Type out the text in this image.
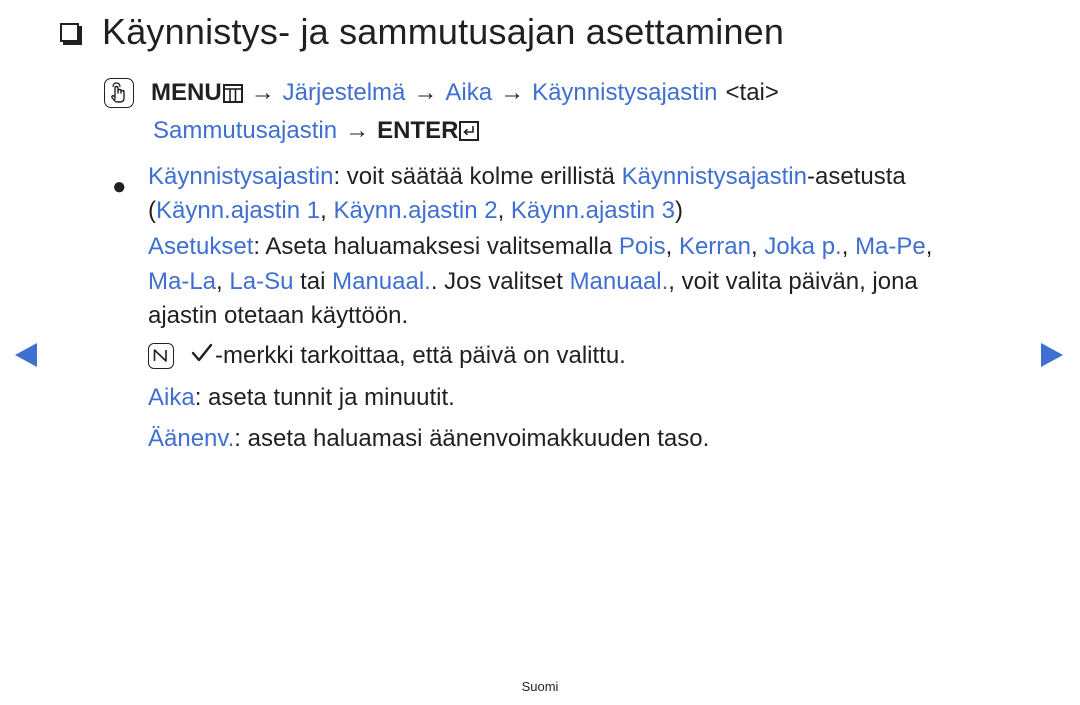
Käynnistys- ja sammutusajan asettaminen
MENU → Järjestelmä → Aika → Käynnistysajastin <tai>
Sammutusajastin → ENTER
● Käynnistysajastin: voit säätää kolme erillistä Käynnistysajastin-asetusta
(Käynn.ajastin 1, Käynn.ajastin 2, Käynn.ajastin 3)
Asetukset: Aseta haluamaksesi valitsemalla Pois, Kerran, Joka p., Ma-Pe,
Ma-La, La-Su tai Manuaal.. Jos valitset Manuaal., voit valita päivän, jona
ajastin otetaan käyttöön.
-merkki tarkoittaa, että päivä on valittu.
Aika: aseta tunnit ja minuutit.
Äänenv.: aseta haluamasi äänenvoimakkuuden taso.
Suomi
